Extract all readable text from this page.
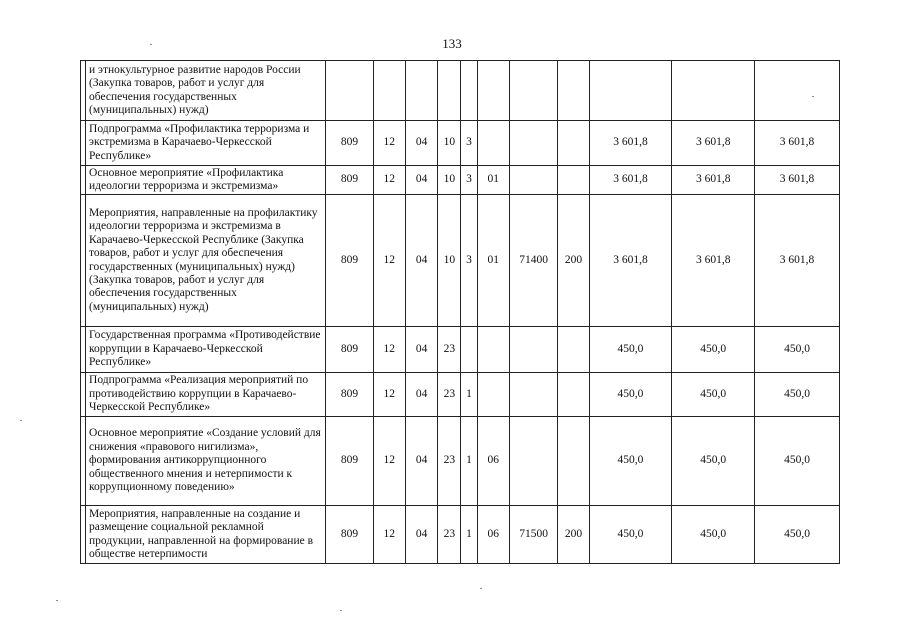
133
	и этнокультурное развитие народов России (Закупка товаров, работ и услуг для обеспечения государственных (муниципальных) нужд)											
	Подпрограмма «Профилактика терроризма и экстремизма в Карачаево-Черкесской Республике»	809	12	04	10	3				3 601,8	3 601,8	3 601,8
	Основное мероприятие «Профилактика идеологии терроризма и экстремизма»	809	12	04	10	3	01			3 601,8	3 601,8	3 601,8
	Мероприятия, направленные на профилактику идеологии терроризма и экстремизма в Карачаево-Черкесской Республике (Закупка товаров, работ и услуг для обеспечения государственных (муниципальных) нужд) (Закупка товаров, работ и услуг для обеспечения государственных (муниципальных) нужд)	809	12	04	10	3	01	71400	200	3 601,8	3 601,8	3 601,8
	Государственная программа «Противодействие коррупции в Карачаево-Черкесской Республике»	809	12	04	23					450,0	450,0	450,0
	Подпрограмма «Реализация мероприятий по противодействию коррупции в Карачаево-Черкесской Республике»	809	12	04	23	1				450,0	450,0	450,0
	Основное мероприятие «Создание условий для снижения «правового нигилизма», формирования антикоррупционного общественного мнения и нетерпимости к коррупционному поведению»	809	12	04	23	1	06			450,0	450,0	450,0
	Мероприятия, направленные на создание и размещение социальной рекламной продукции, направленной на формирование в обществе нетерпимости	809	12	04	23	1	06	71500	200	450,0	450,0	450,0
